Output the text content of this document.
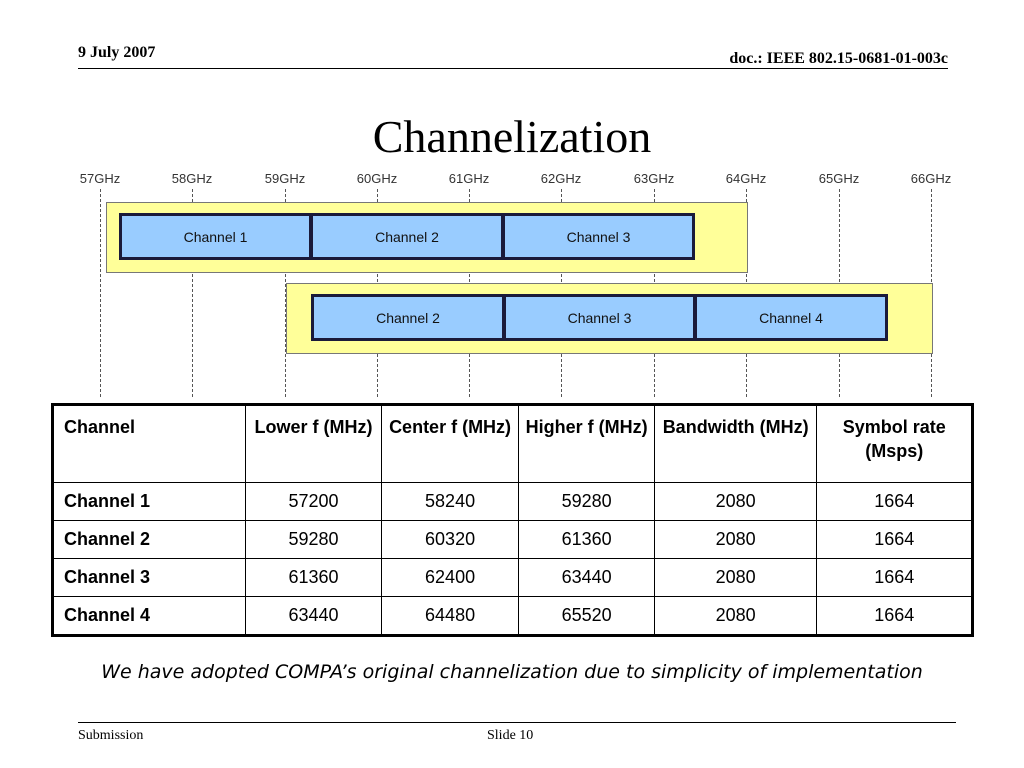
9 July 2007	doc.: IEEE 802.15-0681-01-003c
Channelization
57GHz	58GHz	59GHz	60GHz	61GHz	62GHz	63GHz	64GHz	65GHz	66GHz
Channel 1	Channel 2	Channel 3
Channel 2	Channel 3	Channel 4
Channel	Lower f (MHz)	Center f (MHz)	Higher f (MHz)	Bandwidth (MHz)	Symbol rate (Msps)
Channel 1	57200	58240	59280	2080	1664
Channel 2	59280	60320	61360	2080	1664
Channel 3	61360	62400	63440	2080	1664
Channel 4	63440	64480	65520	2080	1664
We have adopted COMPA’s original channelization due to simplicity of implementation
Submission	Slide 10
